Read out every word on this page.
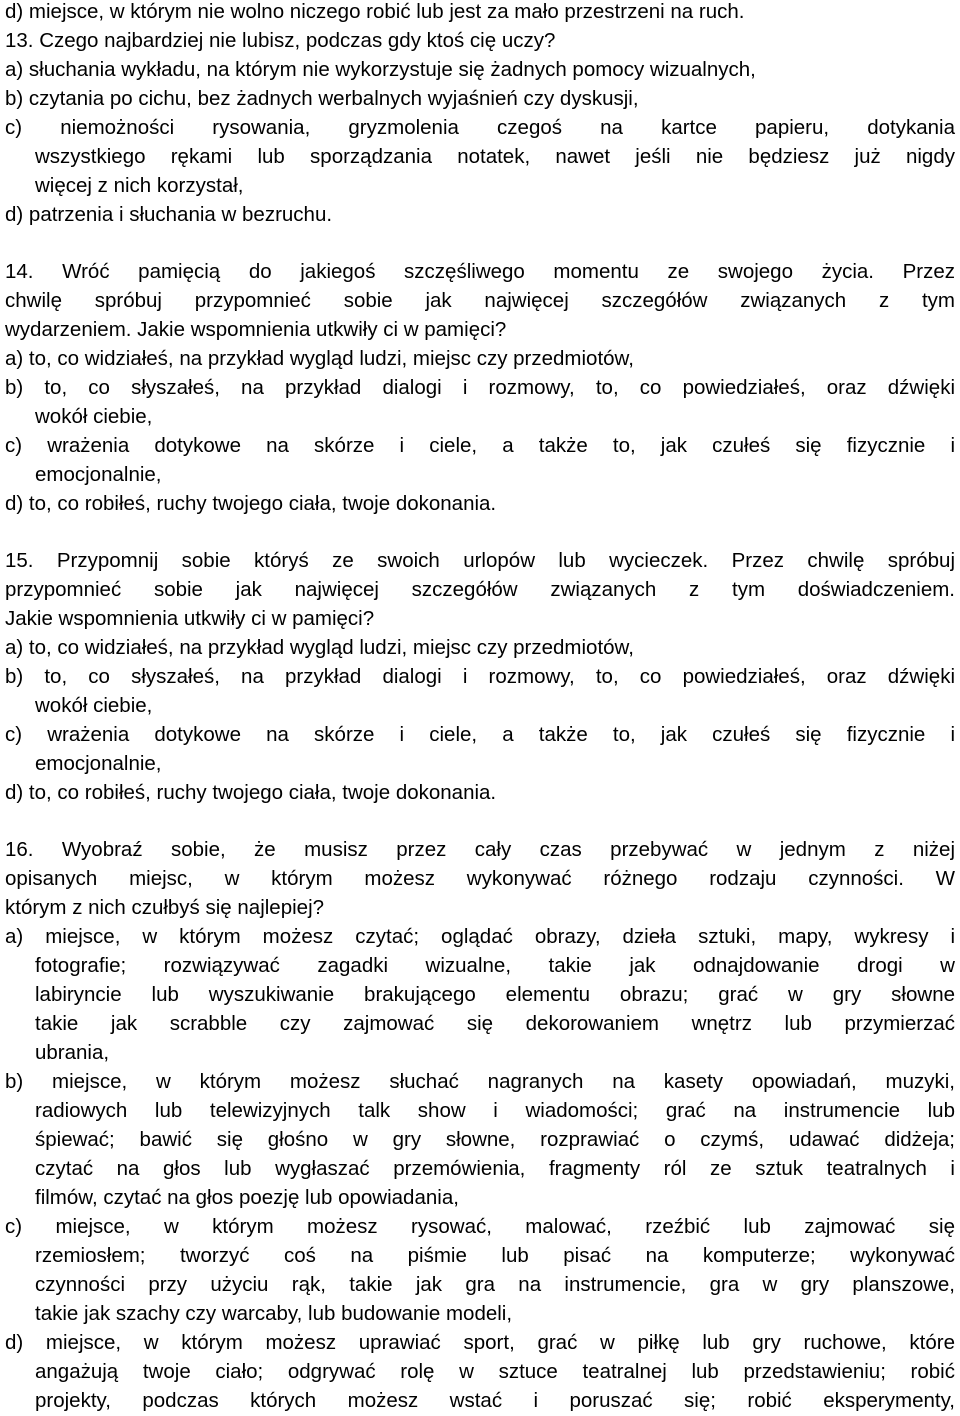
d) miejsce, w którym nie wolno niczego robić lub jest za mało przestrzeni na ruch.
13. Czego najbardziej nie lubisz, podczas gdy ktoś cię uczy?
a) słuchania wykładu, na którym nie wykorzystuje się żadnych pomocy wizualnych,
b) czytania po cichu, bez żadnych werbalnych wyjaśnień czy dyskusji,
c) niemożności rysowania, gryzmolenia czegoś na kartce papieru, dotykania
wszystkiego rękami lub sporządzania notatek, nawet jeśli nie będziesz już nigdy
więcej z nich korzystał,
d) patrzenia i słuchania w bezruchu.
14. Wróć pamięcią do jakiegoś szczęśliwego momentu ze swojego życia. Przez
chwilę spróbuj przypomnieć sobie jak najwięcej szczegółów związanych z tym
wydarzeniem. Jakie wspomnienia utkwiły ci w pamięci?
a) to, co widziałeś, na przykład wygląd ludzi, miejsc czy przedmiotów,
b) to, co słyszałeś, na przykład dialogi i rozmowy, to, co powiedziałeś, oraz dźwięki
wokół ciebie,
c) wrażenia dotykowe na skórze i ciele, a także to, jak czułeś się fizycznie i
emocjonalnie,
d) to, co robiłeś, ruchy twojego ciała, twoje dokonania.
15. Przypomnij sobie któryś ze swoich urlopów lub wycieczek. Przez chwilę spróbuj
przypomnieć sobie jak najwięcej szczegółów związanych z tym doświadczeniem.
Jakie wspomnienia utkwiły ci w pamięci?
a) to, co widziałeś, na przykład wygląd ludzi, miejsc czy przedmiotów,
b) to, co słyszałeś, na przykład dialogi i rozmowy, to, co powiedziałeś, oraz dźwięki
wokół ciebie,
c) wrażenia dotykowe na skórze i ciele, a także to, jak czułeś się fizycznie i
emocjonalnie,
d) to, co robiłeś, ruchy twojego ciała, twoje dokonania.
16. Wyobraź sobie, że musisz przez cały czas przebywać w jednym z niżej
opisanych miejsc, w którym możesz wykonywać różnego rodzaju czynności. W
którym z nich czułbyś się najlepiej?
a) miejsce, w którym możesz czytać; oglądać obrazy, dzieła sztuki, mapy, wykresy i
fotografie; rozwiązywać zagadki wizualne, takie jak odnajdowanie drogi w
labiryncie lub wyszukiwanie brakującego elementu obrazu; grać w gry słowne
takie jak scrabble czy zajmować się dekorowaniem wnętrz lub przymierzać
ubrania,
b) miejsce, w którym możesz słuchać nagranych na kasety opowiadań, muzyki,
radiowych lub telewizyjnych talk show i wiadomości; grać na instrumencie lub
śpiewać; bawić się głośno w gry słowne, rozprawiać o czymś, udawać didżeja;
czytać na głos lub wygłaszać przemówienia, fragmenty ról ze sztuk teatralnych i
filmów, czytać na głos poezję lub opowiadania,
c) miejsce, w którym możesz rysować, malować, rzeźbić lub zajmować się
rzemiosłem; tworzyć coś na piśmie lub pisać na komputerze; wykonywać
czynności przy użyciu rąk, takie jak gra na instrumencie, gra w gry planszowe,
takie jak szachy czy warcaby, lub budowanie modeli,
d) miejsce, w którym możesz uprawiać sport, grać w piłkę lub gry ruchowe, które
angażują twoje ciało; odgrywać rolę w sztuce teatralnej lub przedstawieniu; robić
projekty, podczas których możesz wstać i poruszać się; robić eksperymenty,
